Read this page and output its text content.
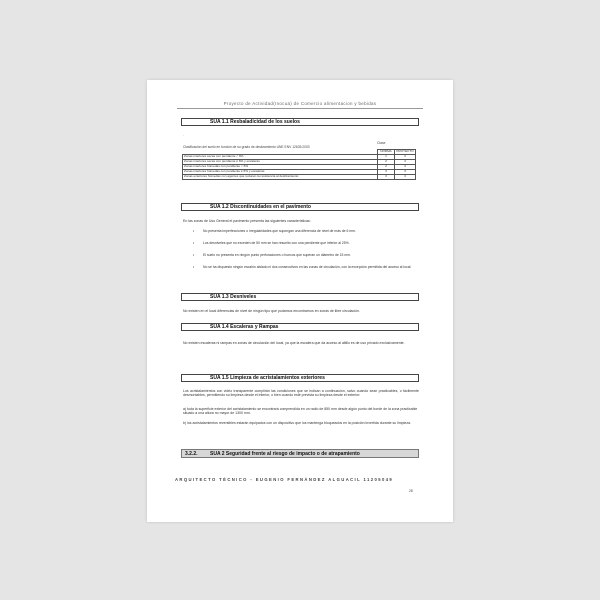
Proyecto de Actividad(Inocua) de Comercio alimentacion y bebidas
SUA 1.1 Resbaladicidad de los suelos
.
Clase
Clasificación del suelo en función de su grado de deslizamiento UNE ENV 12633:2003
	NORMA	PROYECTO
Zonas interiores secas con pendiente < 6%	1	3
Zonas interiores secas con pendiente ≥ 6% y escaleras	2	3
Zonas interiores húmedas con pendiente < 6%	2	3
Zonas interiores húmedas con pendiente ≥ 6% y escaleras	3	3
Zonas exteriores húmedas con agentes que reducen la resistencia al deslizamiento	3	3
SUA 1.2 Discontinuidades en el pavimento
En las zonas de Uso General el pavimento presenta las siguientes características:
• No presenta imperfecciones o irregularidades que supongan una diferencia de nivel de más de 6 mm.
• Los desniveles que no exceden de 50 mm se han resuelto con una pendiente que inferior al 25%.
• El suelo no presenta en ningún punto perforaciones o huecos que superan un diámetro de 15 mm.
• No se ha dispuesto ningún escalón aislado ni dos consecutivos en las zonas de circulación, con la excepción permitida del acceso al local.
SUA 1.3 Desniveles
No existen en el local diferencias de nivel de ningún tipo que podamos encontrarnos en zonas de libre circulación.
SUA 1.4 Escaleras y Rampas
No existen escaleras ni rampas en zonas de circulación del local, ya que la escalera que da acceso al altillo es de uso privado exclusivamente.
SUA 1.5 Limpieza de acristalamientos exteriores
Los acristalamientos con vidrio transparente cumplirán las condiciones que se indican a continuación, salvo cuando sean practicables, o fácilmente desmontables, permitiendo su limpieza desde el interior, o bien cuando esté prevista su limpieza desde el exterior:
a) toda la superficie exterior del acristalamiento se encontrará comprendida en un radio de 850 mm desde algún punto del borde de la zona practicable situado a una altura no mayor de 1300 mm.
b) los acristalamientos reversibles estarán equipados con un dispositivo que los mantenga bloqueados en la posición invertida durante su limpieza.
3.2.2. SUA 2 Seguridad frente al riesgo de impacto o de atrapamiento
ARQUITECTO TÉCNICO - EUGENIO FERNÁNDEZ ALGUACIL 11205049
28
